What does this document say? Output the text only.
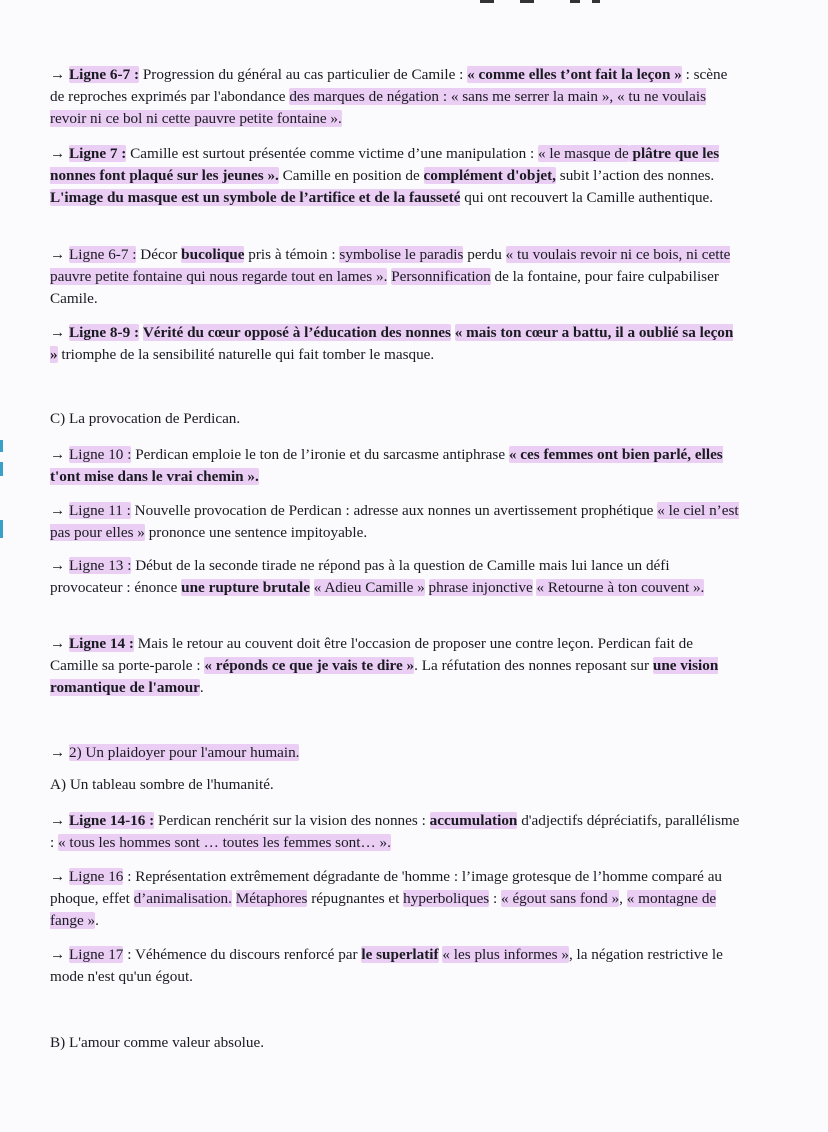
→ Ligne 6-7 : Progression du général au cas particulier de Camile : « comme elles t’ont fait la leçon » : scène de reproches exprimés par l'abondance des marques de négation : « sans me serrer la main », « tu ne voulais revoir ni ce bol ni cette pauvre petite fontaine ».
→ Ligne 7 : Camille est surtout présentée comme victime d’une manipulation : « le masque de plâtre que les nonnes font plaqué sur les jeunes ». Camille en position de complément d'objet, subit l’action des nonnes. L'image du masque est un symbole de l’artifice et de la fausseté qui ont recouvert la Camille authentique.
→ Ligne 6-7 : Décor bucolique pris à témoin : symbolise le paradis perdu « tu voulais revoir ni ce bois, ni cette pauvre petite fontaine qui nous regarde tout en lames ». Personnification de la fontaine, pour faire culpabiliser Camile.
→ Ligne 8-9 : Vérité du cœur opposé à l’éducation des nonnes « mais ton cœur a battu, il a oublié sa leçon » triomphe de la sensibilité naturelle qui fait tomber le masque.
C) La provocation de Perdican.
→ Ligne 10 : Perdican emploie le ton de l’ironie et du sarcasme antiphrase « ces femmes ont bien parlé, elles t'ont mise dans le vrai chemin ».
→ Ligne 11 : Nouvelle provocation de Perdican : adresse aux nonnes un avertissement prophétique « le ciel n’est pas pour elles » prononce une sentence impitoyable.
→ Ligne 13 : Début de la seconde tirade ne répond pas à la question de Camille mais lui lance un défi provocateur : énonce une rupture brutale « Adieu Camille » phrase injonctive « Retourne à ton couvent ».
→ Ligne 14 : Mais le retour au couvent doit être l'occasion de proposer une contre leçon. Perdican fait de Camille sa porte-parole : « réponds ce que je vais te dire ». La réfutation des nonnes reposant sur une vision romantique de l'amour.
→ 2) Un plaidoyer pour l'amour humain.
A) Un tableau sombre de l'humanité.
→ Ligne 14-16 : Perdican renchérit sur la vision des nonnes : accumulation d'adjectifs dépréciatifs, parallélisme : « tous les hommes sont … toutes les femmes sont… ».
→ Ligne 16 : Représentation extrêmement dégradante de 'homme : l’image grotesque de l’homme comparé au phoque, effet d’animalisation. Métaphores répugnantes et hyperboliques : « égout sans fond », « montagne de fange ».
→ Ligne 17 : Véhémence du discours renforcé par le superlatif « les plus informes », la négation restrictive le mode n'est qu'un égout.
B) L'amour comme valeur absolue.
